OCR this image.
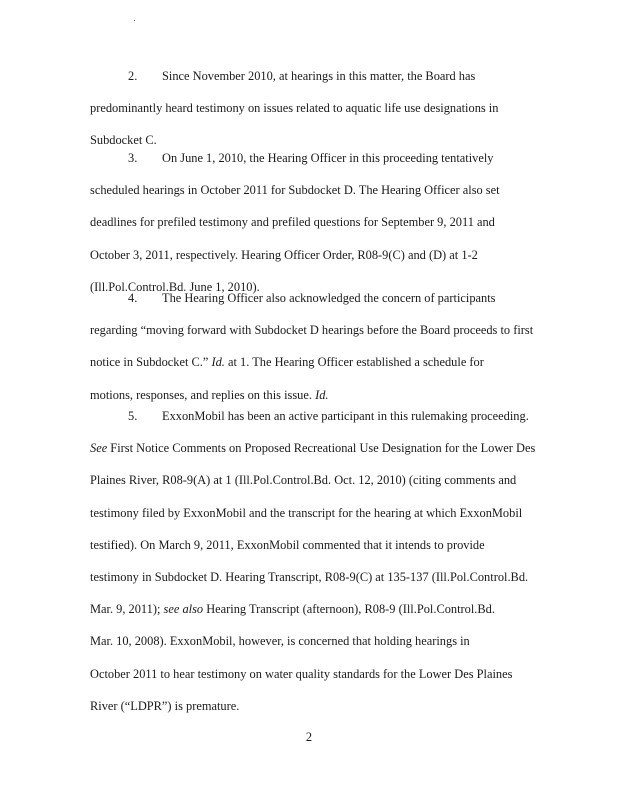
2. Since November 2010, at hearings in this matter, the Board has
predominantly heard testimony on issues related to aquatic life use designations in
Subdocket C.
3. On June 1, 2010, the Hearing Officer in this proceeding tentatively
scheduled hearings in October 2011 for Subdocket D. The Hearing Officer also set
deadlines for prefiled testimony and prefiled questions for September 9, 2011 and
October 3, 2011, respectively. Hearing Officer Order, R08-9(C) and (D) at 1-2
(Ill.Pol.Control.Bd. June 1, 2010).
4. The Hearing Officer also acknowledged the concern of participants
regarding “moving forward with Subdocket D hearings before the Board proceeds to first
notice in Subdocket C.” Id. at 1. The Hearing Officer established a schedule for
motions, responses, and replies on this issue. Id.
5. ExxonMobil has been an active participant in this rulemaking proceeding.
See First Notice Comments on Proposed Recreational Use Designation for the Lower Des
Plaines River, R08-9(A) at 1 (Ill.Pol.Control.Bd. Oct. 12, 2010) (citing comments and
testimony filed by ExxonMobil and the transcript for the hearing at which ExxonMobil
testified). On March 9, 2011, ExxonMobil commented that it intends to provide
testimony in Subdocket D. Hearing Transcript, R08-9(C) at 135-137 (Ill.Pol.Control.Bd.
Mar. 9, 2011); see also Hearing Transcript (afternoon), R08-9 (Ill.Pol.Control.Bd.
Mar. 10, 2008). ExxonMobil, however, is concerned that holding hearings in
October 2011 to hear testimony on water quality standards for the Lower Des Plaines
River (“LDPR”) is premature.
2
